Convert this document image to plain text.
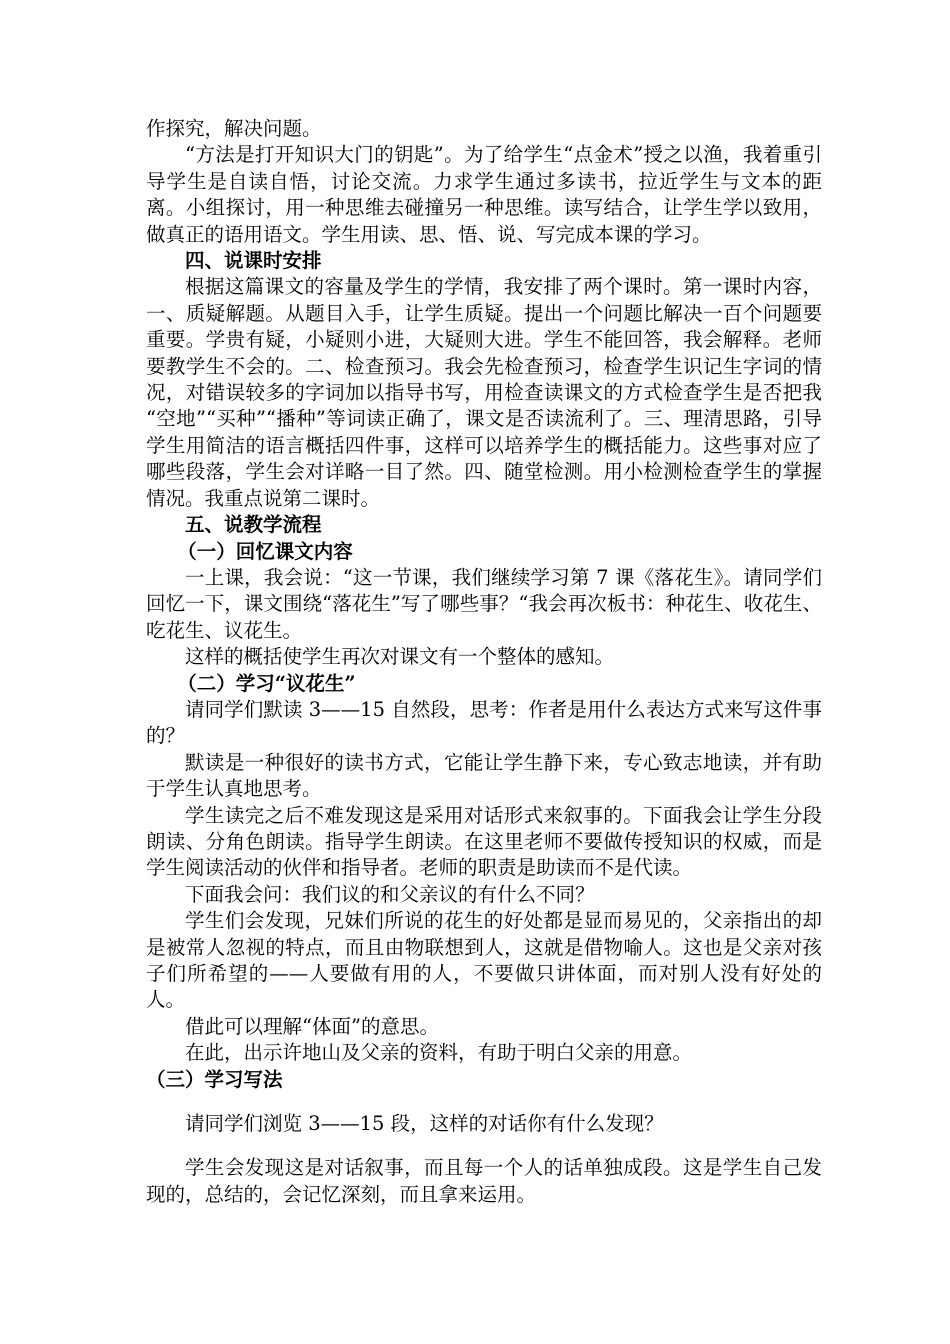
作探究，解决问题。

“方法是打开知识大门的钥匙”。为了给学生“点金术”授之以渔，我着重引导学生是自读自悟，讨论交流。力求学生通过多读书，拉近学生与文本的距离。小组探讨，用一种思维去碰撞另一种思维。读写结合，让学生学以致用，做真正的语用语文。学生用读、思、悟、说、写完成本课的学习。

四、说课时安排

根据这篇课文的容量及学生的学情，我安排了两个课时。第一课时内容，一、质疑解题。从题目入手，让学生质疑。提出一个问题比解决一百个问题要重要。学贵有疑，小疑则小进，大疑则大进。学生不能回答，我会解释。老师要教学生不会的。二、检查预习。我会先检查预习，检查学生识记生字词的情况，对错误较多的字词加以指导书写，用检查读课文的方式检查学生是否把我 “空地”“买种”“播种”等词读正确了，课文是否读流利了。三、理清思路，引导学生用简洁的语言概括四件事，这样可以培养学生的概括能力。这些事对应了哪些段落，学生会对详略一目了然。四、随堂检测。用小检测检查学生的掌握情况。我重点说第二课时。

五、说教学流程

（一）回忆课文内容

一上课，我会说：“这一节课，我们继续学习第 7 课《落花生》。请同学们回忆一下，课文围绕“落花生”写了哪些事？“我会再次板书：种花生、收花生、吃花生、议花生。

这样的概括使学生再次对课文有一个整体的感知。

（二）学习“议花生”

请同学们默读 3——15 自然段，思考：作者是用什么表达方式来写这件事的？

默读是一种很好的读书方式，它能让学生静下来，专心致志地读，并有助于学生认真地思考。

学生读完之后不难发现这是采用对话形式来叙事的。下面我会让学生分段朗读、分角色朗读。指导学生朗读。在这里老师不要做传授知识的权威，而是学生阅读活动的伙伴和指导者。老师的职责是助读而不是代读。

下面我会问：我们议的和父亲议的有什么不同？

学生们会发现，兄妹们所说的花生的好处都是显而易见的，父亲指出的却是被常人忽视的特点，而且由物联想到人，这就是借物喻人。这也是父亲对孩子们所希望的——人要做有用的人，不要做只讲体面，而对别人没有好处的人。

借此可以理解“体面”的意思。

在此，出示许地山及父亲的资料，有助于明白父亲的用意。

（三）学习写法

请同学们浏览 3——15 段，这样的对话你有什么发现？

学生会发现这是对话叙事，而且每一个人的话单独成段。这是学生自己发现的，总结的，会记忆深刻，而且拿来运用。
